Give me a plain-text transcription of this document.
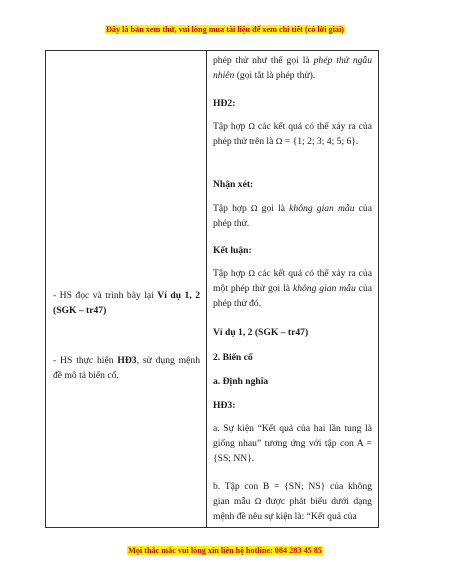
Đây là bản xem thử, vui lòng mua tài liệu để xem chi tiết (có lời giải)

- HS đọc và trình bày lại Ví dụ 1, 2 (SGK – tr47)

- HS thực hiện HĐ3, sử dụng mệnh đề mô tả biến cố.

phép thử như thế gọi là phép thử ngẫu nhiên (gọi tắt là phép thử).

HĐ2:

Tập hợp Ω các kết quả có thể xảy ra của phép thử trên là Ω = {1; 2; 3; 4; 5; 6}.

Nhận xét:

Tập hợp Ω gọi là không gian mẫu của phép thử.

Kết luận:

Tập hợp Ω các kết quả có thể xảy ra của một phép thử gọi là không gian mẫu của phép thử đó.

Ví dụ 1, 2 (SGK – tr47)

2. Biến cố

a. Định nghĩa

HĐ3:

a. Sự kiện “Kết quả của hai lần tung là giống nhau” tương ứng với tập con A = {SS; NN}.

b. Tập con B = {SN; NS} của không gian mẫu Ω được phát biểu dưới dạng mệnh đề nêu sự kiện là: “Kết quả của

Mọi thắc mắc vui lòng xin liên hệ hotline: 084 283 45 85
